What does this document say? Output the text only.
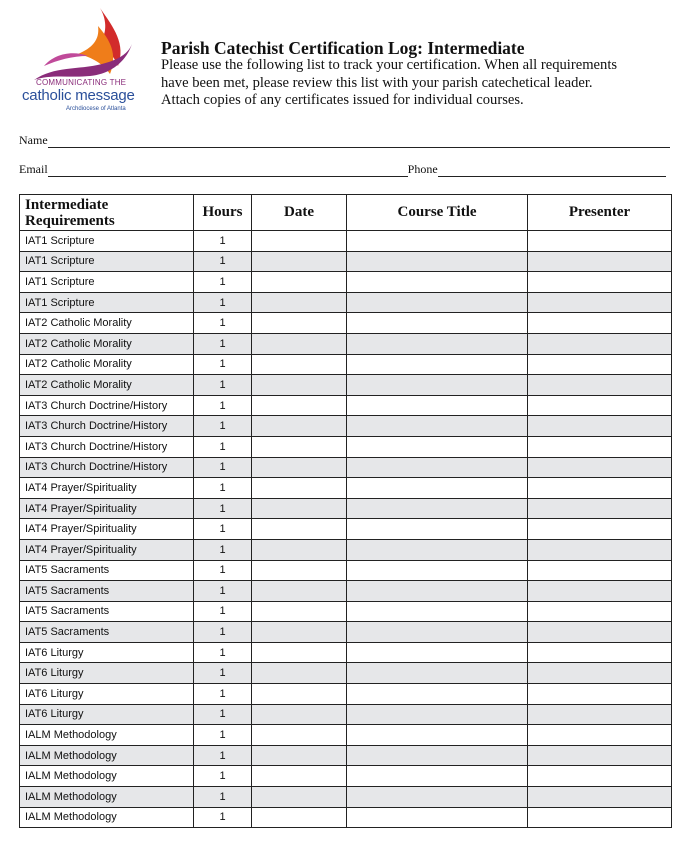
COMMUNICATING THE
catholic message
Archdiocese of Atlanta
Parish Catechist Certification Log: Intermediate
Please use the following list to track your certification. When all requirements
have been met, please review this list with your parish catechetical leader.
Attach copies of any certificates issued for individual courses.
Name
Email	Phone
Intermediate Requirements	Hours	Date	Course Title	Presenter
IAT1 Scripture	1			
IAT1 Scripture	1			
IAT1 Scripture	1			
IAT1 Scripture	1			
IAT2 Catholic Morality	1			
IAT2 Catholic Morality	1			
IAT2 Catholic Morality	1			
IAT2 Catholic Morality	1			
IAT3 Church Doctrine/History	1			
IAT3 Church Doctrine/History	1			
IAT3 Church Doctrine/History	1			
IAT3 Church Doctrine/History	1			
IAT4 Prayer/Spirituality	1			
IAT4 Prayer/Spirituality	1			
IAT4 Prayer/Spirituality	1			
IAT4 Prayer/Spirituality	1			
IAT5 Sacraments	1			
IAT5 Sacraments	1			
IAT5 Sacraments	1			
IAT5 Sacraments	1			
IAT6 Liturgy	1			
IAT6 Liturgy	1			
IAT6 Liturgy	1			
IAT6 Liturgy	1			
IALM Methodology	1			
IALM Methodology	1			
IALM Methodology	1			
IALM Methodology	1			
IALM Methodology	1			
